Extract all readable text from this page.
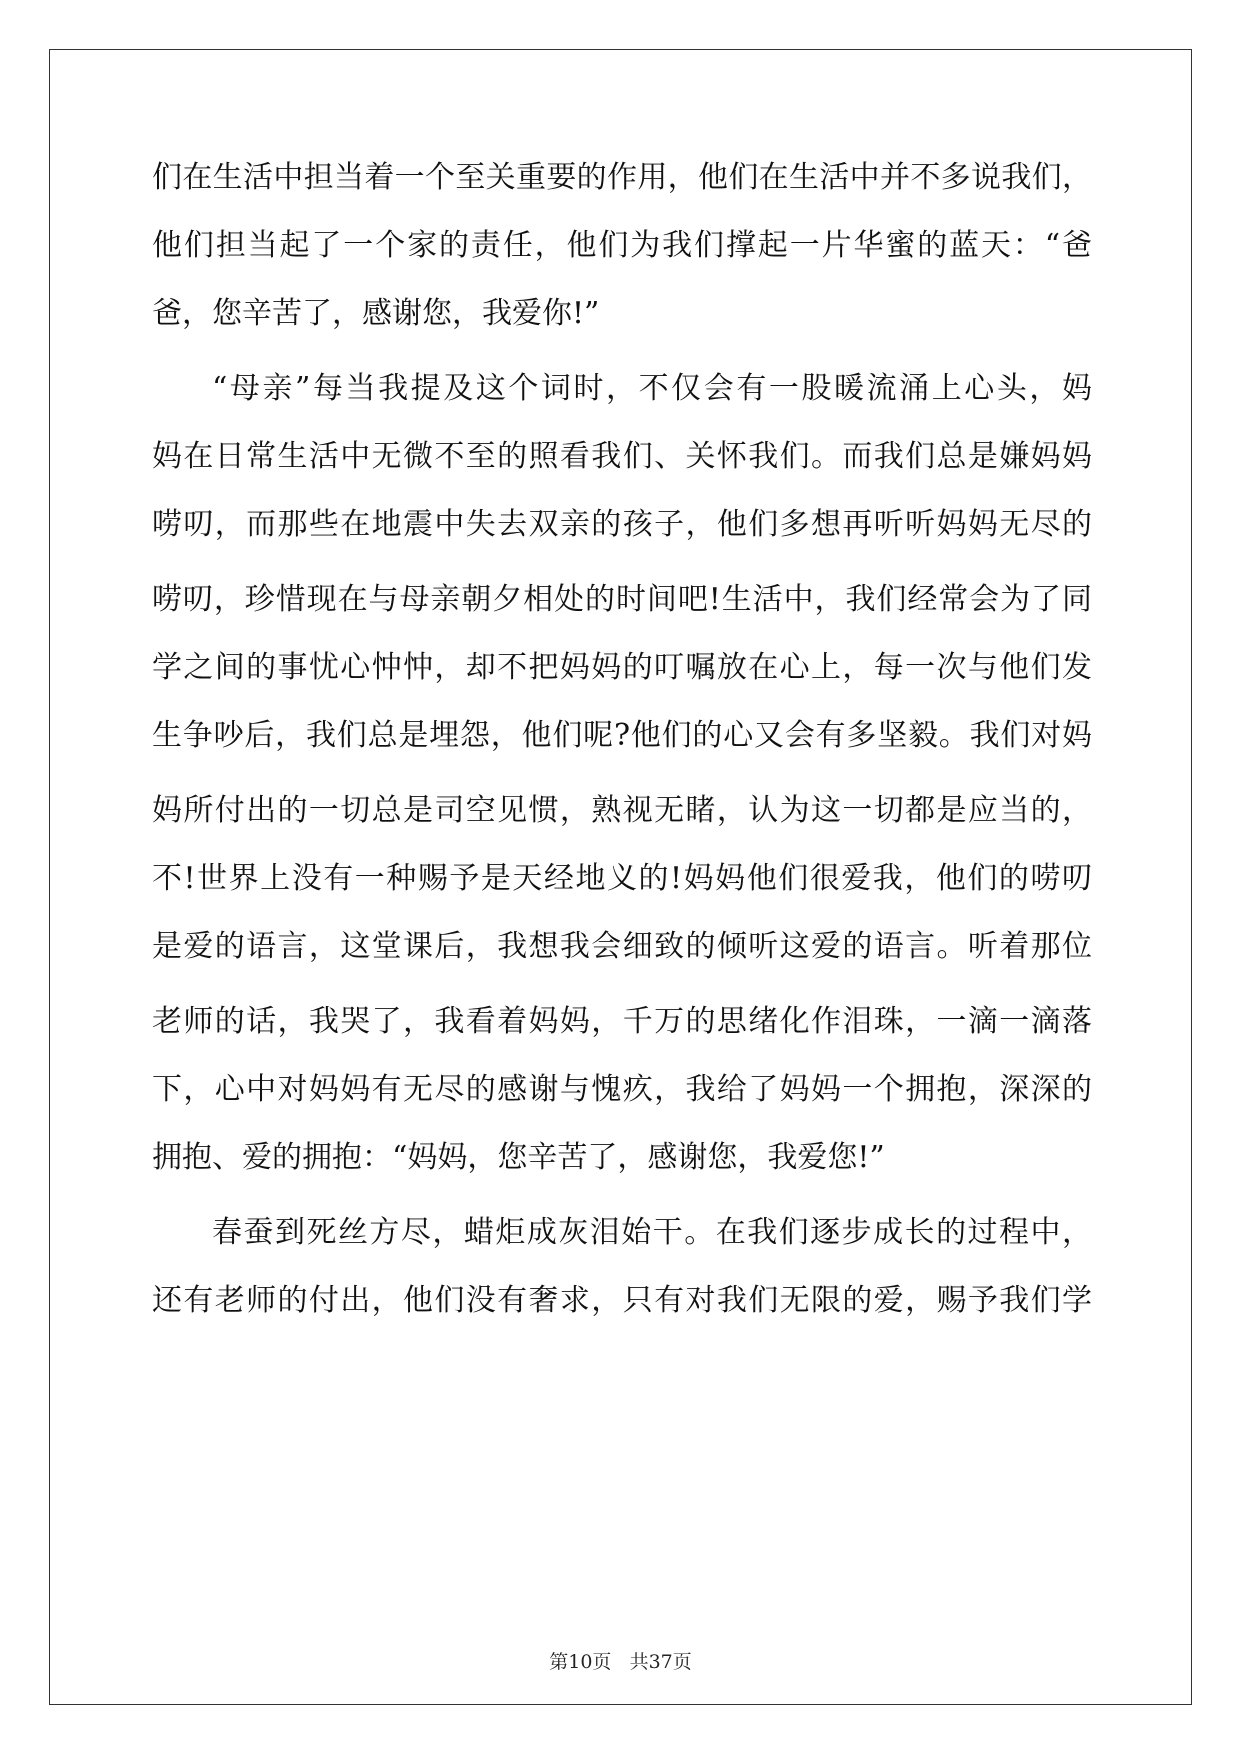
们在生活中担当着一个至关重要的作用，他们在生活中并不多说我们，
他们担当起了一个家的责任，他们为我们撑起一片华蜜的蓝天：“爸
爸，您辛苦了，感谢您，我爱你!”
“母亲”每当我提及这个词时，不仅会有一股暖流涌上心头，妈
妈在日常生活中无微不至的照看我们、关怀我们。而我们总是嫌妈妈
唠叨，而那些在地震中失去双亲的孩子，他们多想再听听妈妈无尽的
唠叨，珍惜现在与母亲朝夕相处的时间吧!生活中，我们经常会为了同
学之间的事忧心忡忡，却不把妈妈的叮嘱放在心上，每一次与他们发
生争吵后，我们总是埋怨，他们呢?他们的心又会有多坚毅。我们对妈
妈所付出的一切总是司空见惯，熟视无睹，认为这一切都是应当的，
不!世界上没有一种赐予是天经地义的!妈妈他们很爱我，他们的唠叨
是爱的语言，这堂课后，我想我会细致的倾听这爱的语言。听着那位
老师的话，我哭了，我看着妈妈，千万的思绪化作泪珠，一滴一滴落
下，心中对妈妈有无尽的感谢与愧疚，我给了妈妈一个拥抱，深深的
拥抱、爱的拥抱：“妈妈，您辛苦了，感谢您，我爱您!”
春蚕到死丝方尽，蜡炬成灰泪始干。在我们逐步成长的过程中，
还有老师的付出，他们没有奢求，只有对我们无限的爱，赐予我们学
第10页 共37页
